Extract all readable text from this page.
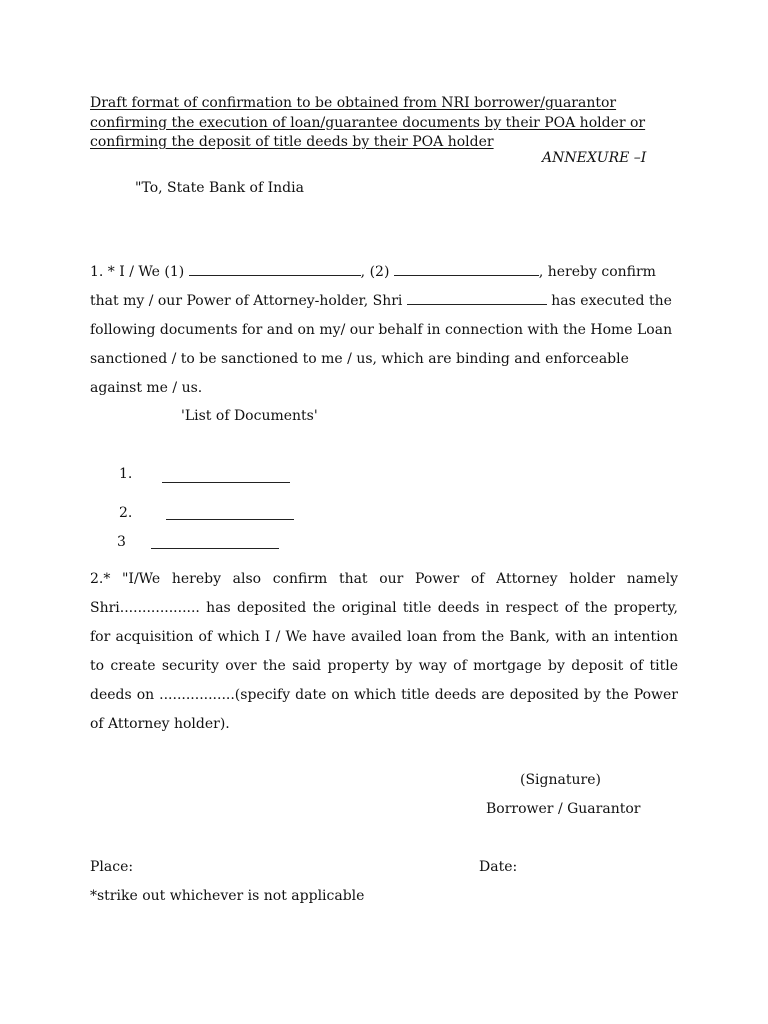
Draft format of confirmation to be obtained from NRI borrower/guarantor confirming the execution of loan/guarantee documents by their POA holder or confirming the deposit of title deeds by their POA holder
ANNEXURE –I
"To, State Bank of India
1. * I / We (1)	, (2)	, hereby confirm that my / our Power of Attorney-holder, Shri	has executed the following documents for and on my/ our behalf in connection with the Home Loan sanctioned / to be sanctioned to me / us, which are binding and enforceable against me / us.
'List of Documents'
1.
2.
3
2.* "I/We hereby also confirm that our Power of Attorney holder namely Shri.................. has deposited the original title deeds in respect of the property, for acquisition of which I / We have availed loan from the Bank, with an intention to create security over the said property by way of mortgage by deposit of title deeds on .................(specify date on which title deeds are deposited by the Power of Attorney holder).
(Signature)
Borrower / Guarantor
Place:	Date:
*strike out whichever is not applicable
